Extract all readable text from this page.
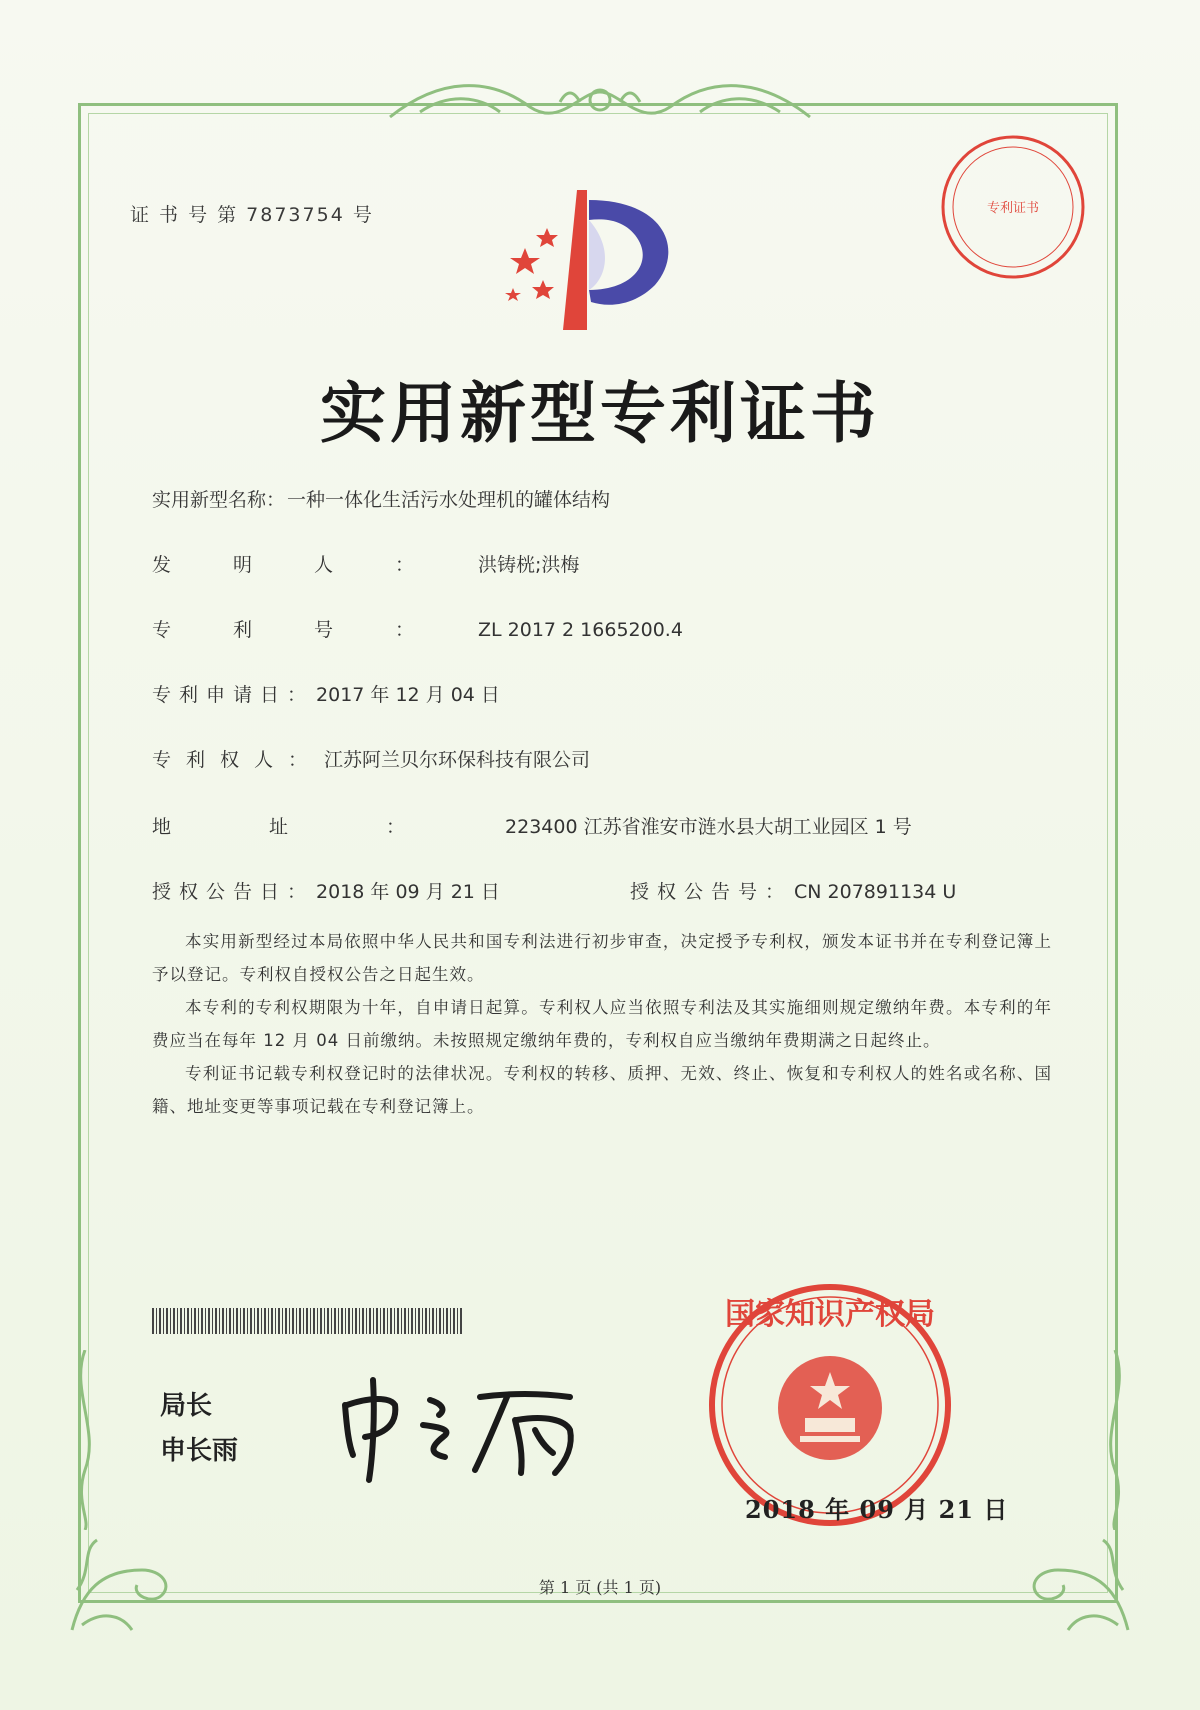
证 书 号 第 7873754 号	专利证书
实用新型专利证书
实用新型名称： 一种一体化生活污水处理机的罐体结构
发明人： 洪铸桄;洪梅
专利号： ZL 2017 2 1665200.4
专利申请日： 2017 年 12 月 04 日
专利权人： 江苏阿兰贝尔环保科技有限公司
地址： 223400 江苏省淮安市涟水县大胡工业园区 1 号
授权公告日： 2018 年 09 月 21 日	授权公告号： CN 207891134 U

本实用新型经过本局依照中华人民共和国专利法进行初步审查，决定授予专利权，颁发本证书并在专利登记簿上予以登记。专利权自授权公告之日起生效。

本专利的专利权期限为十年，自申请日起算。专利权人应当依照专利法及其实施细则规定缴纳年费。本专利的年费应当在每年 12 月 04 日前缴纳。未按照规定缴纳年费的，专利权自应当缴纳年费期满之日起终止。

专利证书记载专利权登记时的法律状况。专利权的转移、质押、无效、终止、恢复和专利权人的姓名或名称、国籍、地址变更等事项记载在专利登记簿上。

局长
申长雨
国家知识产权局
2018 年 09 月 21 日
第 1 页 (共 1 页)
